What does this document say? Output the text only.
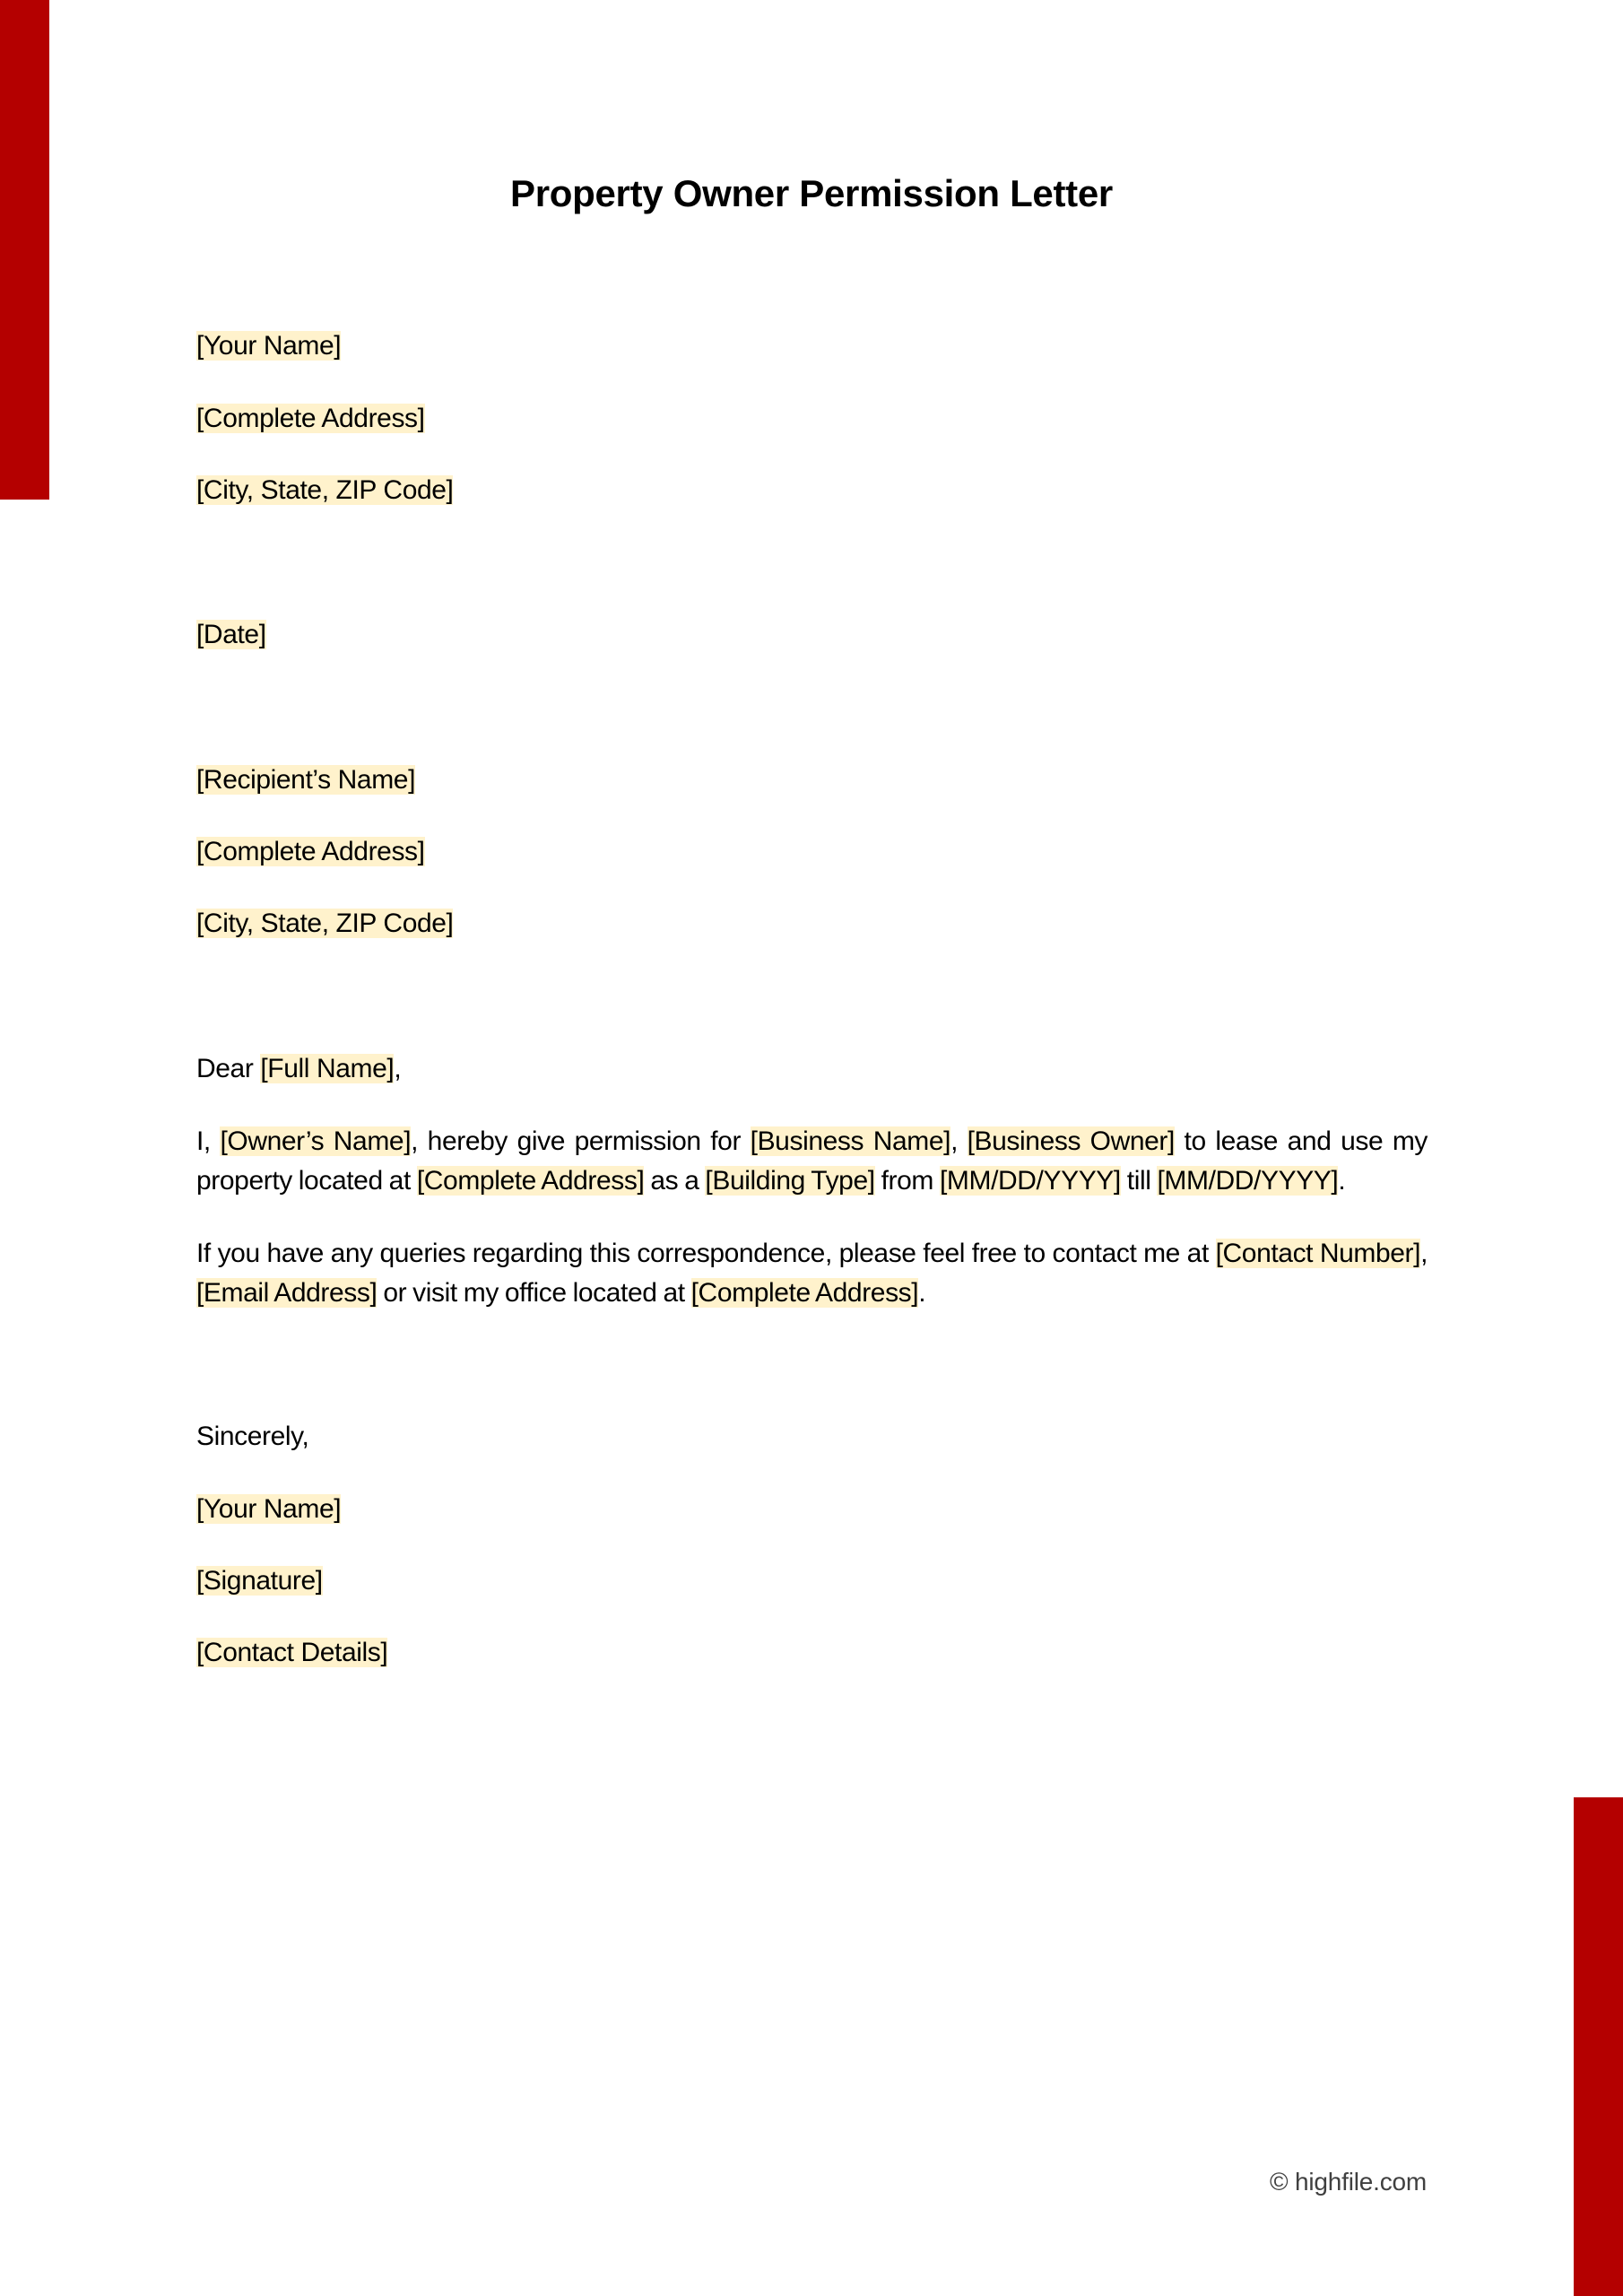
Property Owner Permission Letter
[Your Name]
[Complete Address]
[City, State, ZIP Code]
[Date]
[Recipient’s Name]
[Complete Address]
[City, State, ZIP Code]
Dear [Full Name],
I, [Owner’s Name], hereby give permission for [Business Name], [Business Owner] to lease and use my property located at [Complete Address] as a [Building Type] from [MM/DD/YYYY] till [MM/DD/YYYY].
If you have any queries regarding this correspondence, please feel free to contact me at [Contact Number], [Email Address] or visit my office located at [Complete Address].
Sincerely,
[Your Name]
[Signature]
[Contact Details]
© highfile.com
